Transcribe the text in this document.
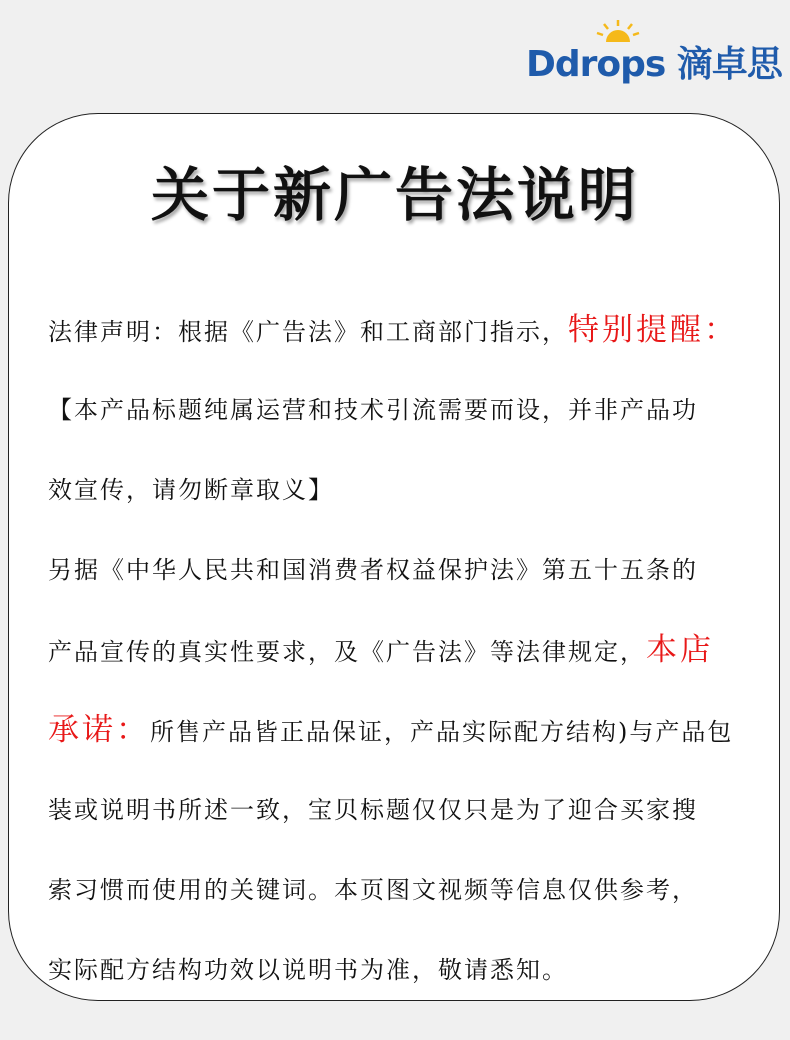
Ddrops 滴卓思
关于新广告法说明
法律声明：根据《广告法》和工商部门指示，特别提醒：
【本产品标题纯属运营和技术引流需要而设，并非产品功
效宣传，请勿断章取义】
另据《中华人民共和国消费者权益保护法》第五十五条的
产品宣传的真实性要求，及《广告法》等法律规定，本店
承诺：所售产品皆正品保证，产品实际配方结构)与产品包
装或说明书所述一致，宝贝标题仅仅只是为了迎合买家搜
索习惯而使用的关键词。本页图文视频等信息仅供参考，
实际配方结构功效以说明书为准，敬请悉知。
